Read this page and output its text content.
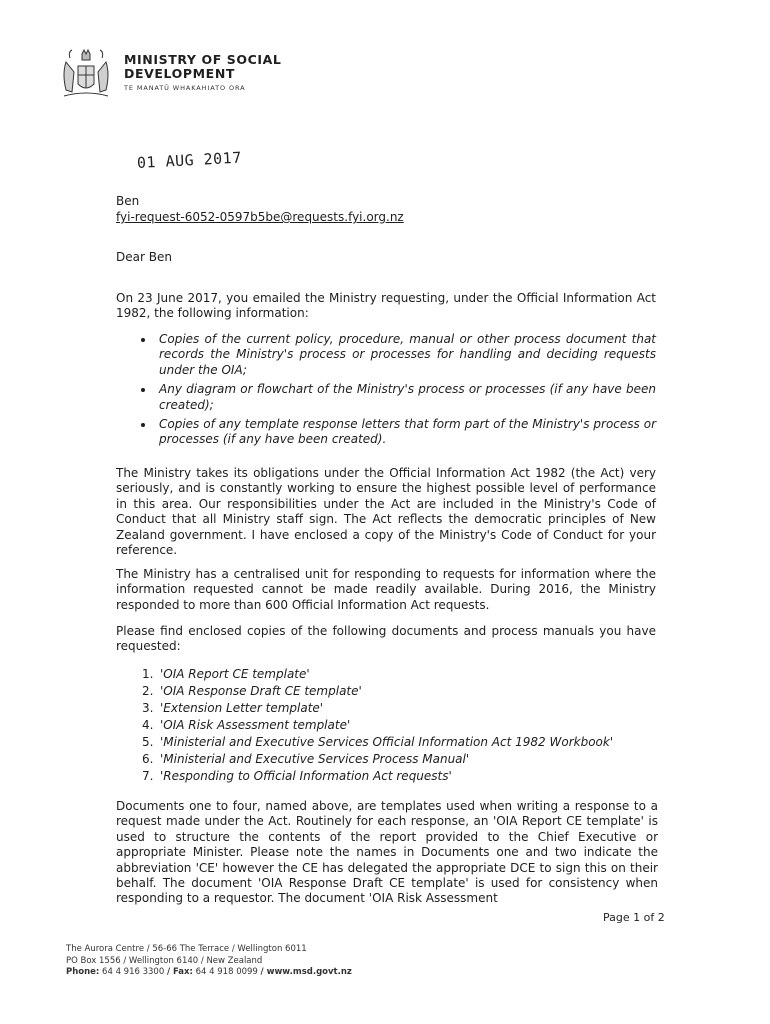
MINISTRY OF SOCIAL
DEVELOPMENT
TE MANATŪ WHAKAHIATO ORA
01 AUG 2017
Ben
fyi-request-6052-0597b5be@requests.fyi.org.nz
Dear Ben
On 23 June 2017, you emailed the Ministry requesting, under the Official Information Act 1982, the following information:
Copies of the current policy, procedure, manual or other process document that records the Ministry's process or processes for handling and deciding requests under the OIA;
Any diagram or flowchart of the Ministry's process or processes (if any have been created);
Copies of any template response letters that form part of the Ministry's process or processes (if any have been created).
The Ministry takes its obligations under the Official Information Act 1982 (the Act) very seriously, and is constantly working to ensure the highest possible level of performance in this area. Our responsibilities under the Act are included in the Ministry's Code of Conduct that all Ministry staff sign. The Act reflects the democratic principles of New Zealand government. I have enclosed a copy of the Ministry's Code of Conduct for your reference.
The Ministry has a centralised unit for responding to requests for information where the information requested cannot be made readily available. During 2016, the Ministry responded to more than 600 Official Information Act requests.
Please find enclosed copies of the following documents and process manuals you have requested:
1. 'OIA Report CE template'
2. 'OIA Response Draft CE template'
3. 'Extension Letter template'
4. 'OIA Risk Assessment template'
5. 'Ministerial and Executive Services Official Information Act 1982 Workbook'
6. 'Ministerial and Executive Services Process Manual'
7. 'Responding to Official Information Act requests'
Documents one to four, named above, are templates used when writing a response to a request made under the Act. Routinely for each response, an 'OIA Report CE template' is used to structure the contents of the report provided to the Chief Executive or appropriate Minister. Please note the names in Documents one and two indicate the abbreviation 'CE' however the CE has delegated the appropriate DCE to sign this on their behalf. The document 'OIA Response Draft CE template' is used for consistency when responding to a requestor. The document 'OIA Risk Assessment
Page 1 of 2
The Aurora Centre / 56-66 The Terrace / Wellington 6011
PO Box 1556 / Wellington 6140 / New Zealand
Phone: 64 4 916 3300 / Fax: 64 4 918 0099 / www.msd.govt.nz
